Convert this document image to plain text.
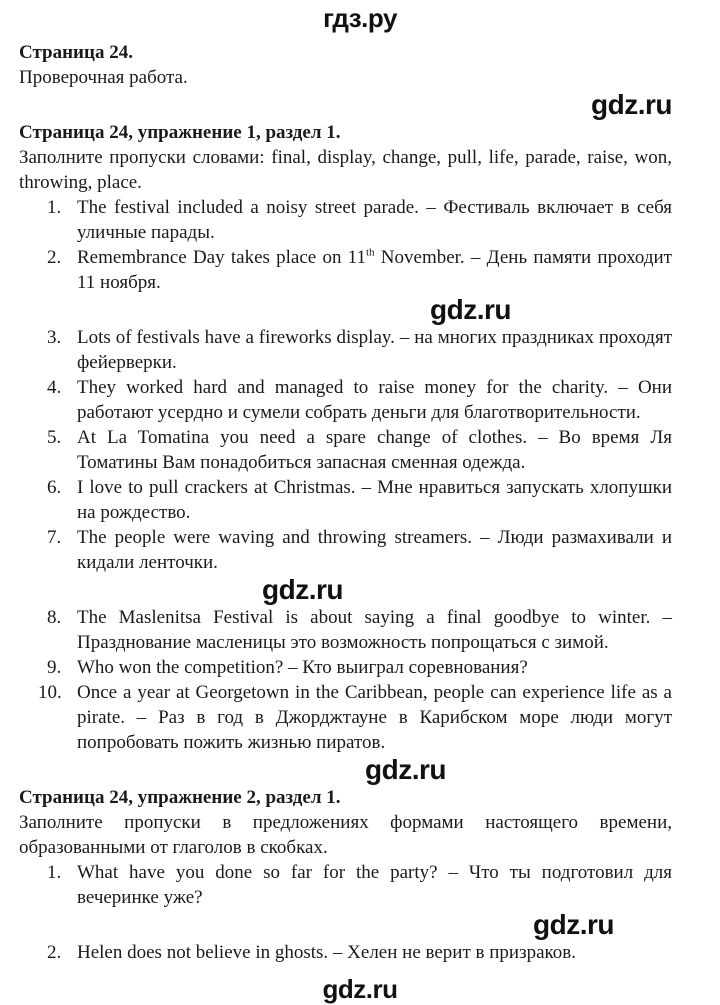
гдз.ру

Страница 24.

Проверочная работа.

gdz.ru

Страница 24, упражнение 1, раздел 1.

Заполните пропуски словами: final, display, change, pull, life, parade, raise, won, throwing, place.

1. The festival included a noisy street parade. – Фестиваль включает в себя уличные парады.
2. Remembrance Day takes place on 11th November. – День памяти проходит 11 ноября.
gdz.ru
3. Lots of festivals have a fireworks display. – на многих праздниках проходят фейерверки.
4. They worked hard and managed to raise money for the charity. – Они работают усердно и сумели собрать деньги для благотворительности.
5. At La Tomatina you need a spare change of clothes. – Во время Ля Томатины Вам понадобиться запасная сменная одежда.
6. I love to pull crackers at Christmas. – Мне нравиться запускать хлопушки на рождество.
7. The people were waving and throwing streamers. – Люди размахивали и кидали ленточки.
gdz.ru
8. The Maslenitsa Festival is about saying a final goodbye to winter. – Празднование масленицы это возможность попрощаться с зимой.
9. Who won the competition? – Кто выиграл соревнования?
10. Once a year at Georgetown in the Caribbean, people can experience life as a pirate. – Раз в год в Джорджтауне в Карибском море люди могут попробовать пожить жизнью пиратов.
gdz.ru

Страница 24, упражнение 2, раздел 1.

Заполните пропуски в предложениях формами настоящего времени, образованными от глаголов в скобках.

1. What have you done so far for the party? – Что ты подготовил для вечеринке уже?
gdz.ru
2. Helen does not believe in ghosts. – Хелен не верит в призраков.
gdz.ru
